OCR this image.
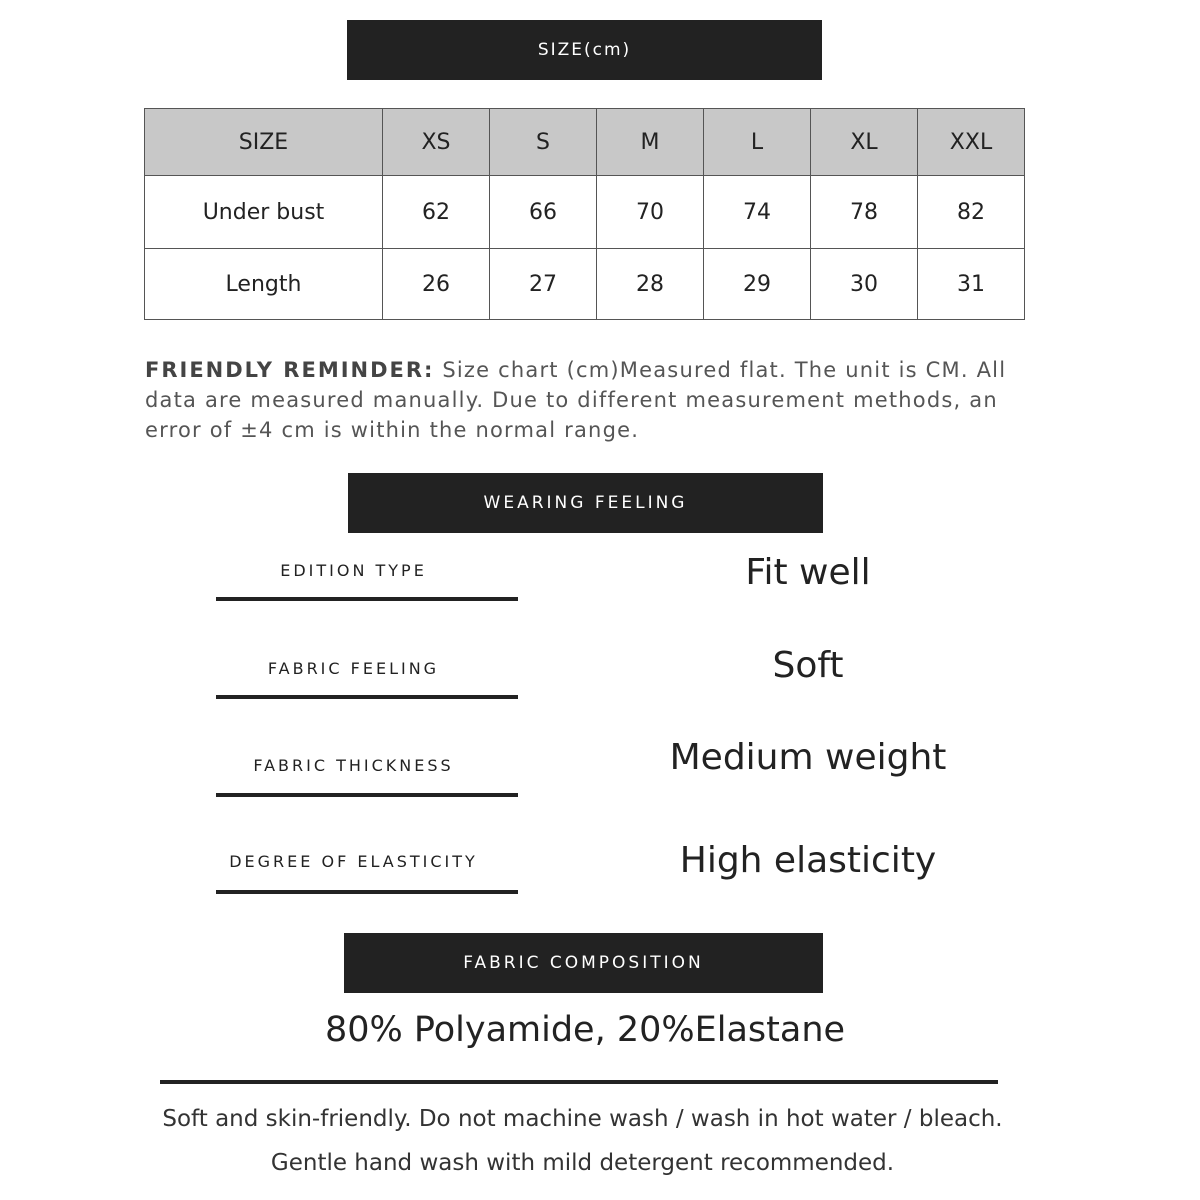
SIZE(cm)
SIZE	XS	S	M	L	XL	XXL
Under bust	62	66	70	74	78	82
Length	26	27	28	29	30	31

FRIENDLY REMINDER: Size chart (cm)Measured flat. The unit is CM. All data are measured manually. Due to different measurement methods, an error of ±4 cm is within the normal range.

WEARING FEELING
EDITION TYPE	Fit well
FABRIC FEELING	Soft
FABRIC THICKNESS	Medium weight
DEGREE OF ELASTICITY	High elasticity
FABRIC COMPOSITION
80% Polyamide, 20%Elastane
Soft and skin-friendly. Do not machine wash / wash in hot water / bleach.
Gentle hand wash with mild detergent recommended.
